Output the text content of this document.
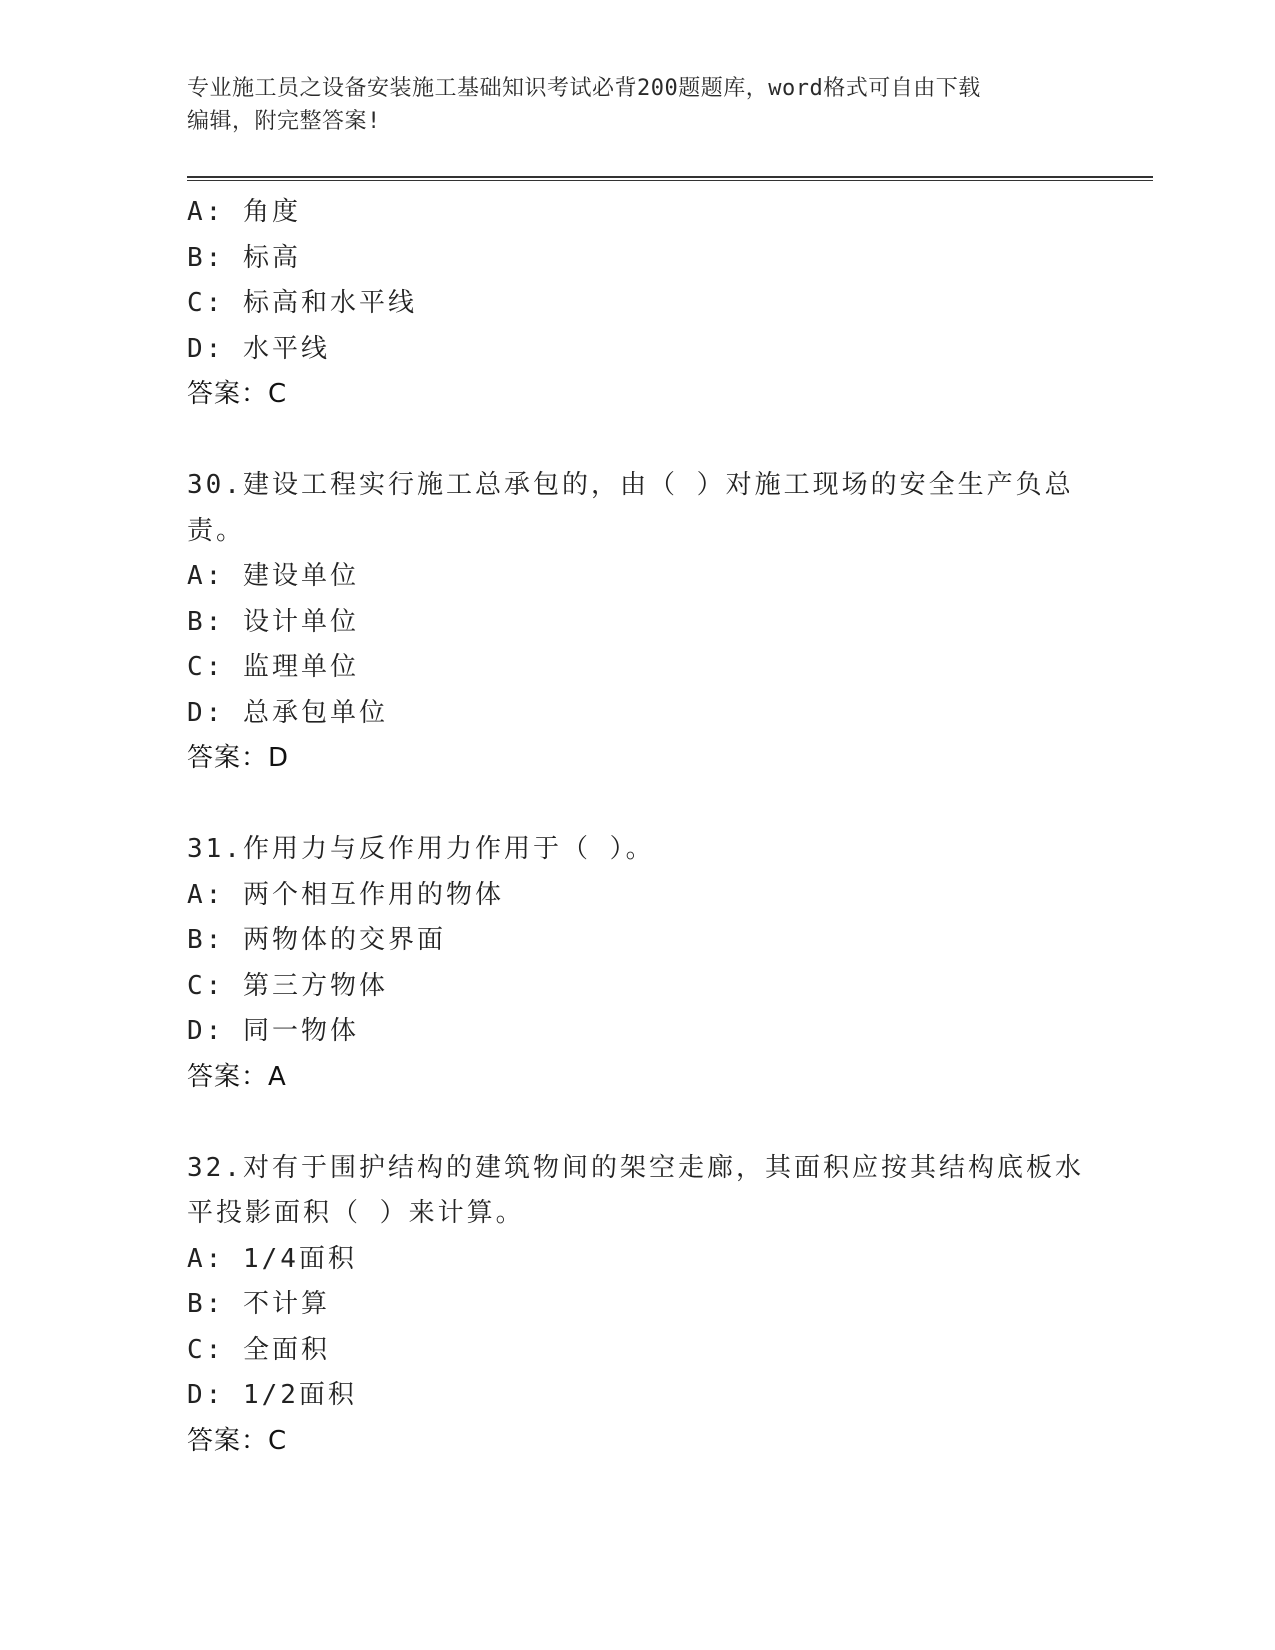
专业施工员之设备安装施工基础知识考试必背200题题库，word格式可自由下载
编辑，附完整答案!
A: 角度
B: 标高
C: 标高和水平线
D: 水平线
答案：C
30.建设工程实行施工总承包的，由（ ）对施工现场的安全生产负总
责。
A: 建设单位
B: 设计单位
C: 监理单位
D: 总承包单位
答案：D
31.作用力与反作用力作用于（ ）。
A: 两个相互作用的物体
B: 两物体的交界面
C: 第三方物体
D: 同一物体
答案：A
32.对有于围护结构的建筑物间的架空走廊，其面积应按其结构底板水
平投影面积（ ）来计算。
A: 1/4面积
B: 不计算
C: 全面积
D: 1/2面积
答案：C
